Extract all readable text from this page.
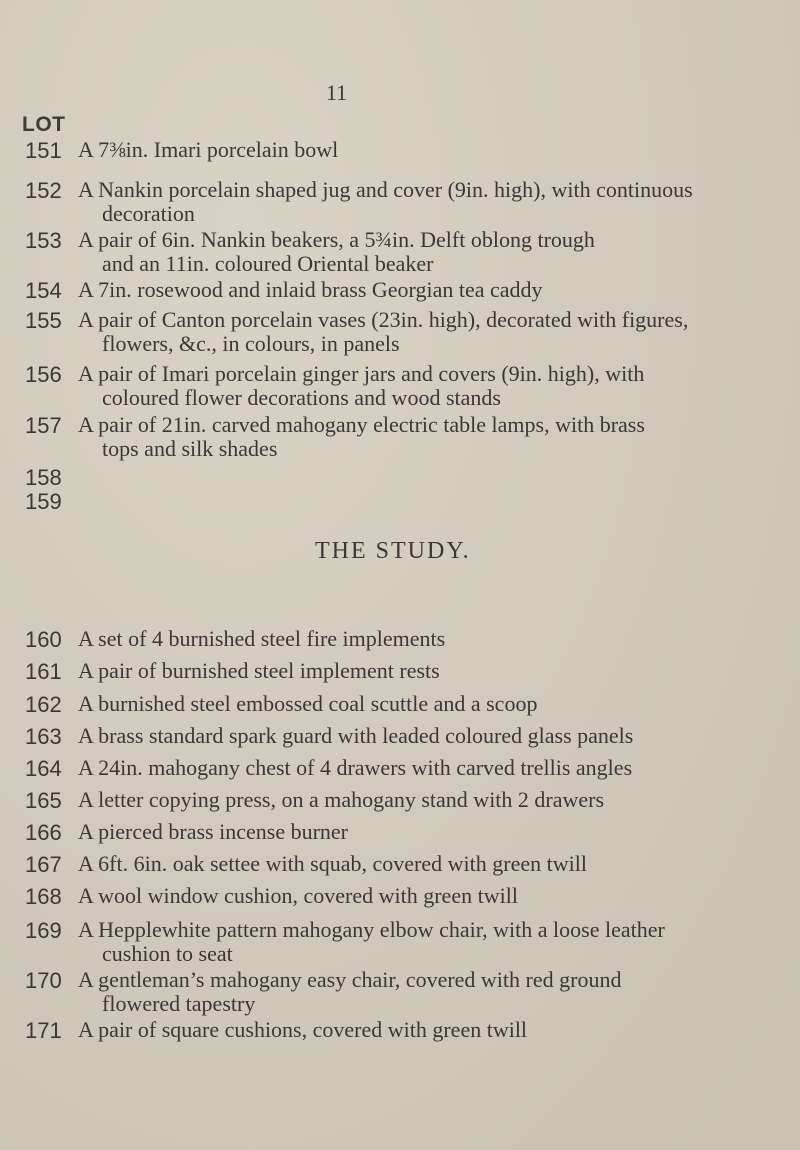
11
LOT
151 A 7⅜in. Imari porcelain bowl
152 A Nankin porcelain shaped jug and cover (9in. high), with continuous
decoration
153 A pair of 6in. Nankin beakers, a 5¾in. Delft oblong trough
and an 11in. coloured Oriental beaker
154 A 7in. rosewood and inlaid brass Georgian tea caddy
155 A pair of Canton porcelain vases (23in. high), decorated with figures,
flowers, &c., in colours, in panels
156 A pair of Imari porcelain ginger jars and covers (9in. high), with
coloured flower decorations and wood stands
157 A pair of 21in. carved mahogany electric table lamps, with brass
tops and silk shades
158
159
THE STUDY.
160 A set of 4 burnished steel fire implements
161 A pair of burnished steel implement rests
162 A burnished steel embossed coal scuttle and a scoop
163 A brass standard spark guard with leaded coloured glass panels
164 A 24in. mahogany chest of 4 drawers with carved trellis angles
165 A letter copying press, on a mahogany stand with 2 drawers
166 A pierced brass incense burner
167 A 6ft. 6in. oak settee with squab, covered with green twill
168 A wool window cushion, covered with green twill
169 A Hepplewhite pattern mahogany elbow chair, with a loose leather
cushion to seat
170 A gentleman’s mahogany easy chair, covered with red ground
flowered tapestry
171 A pair of square cushions, covered with green twill
